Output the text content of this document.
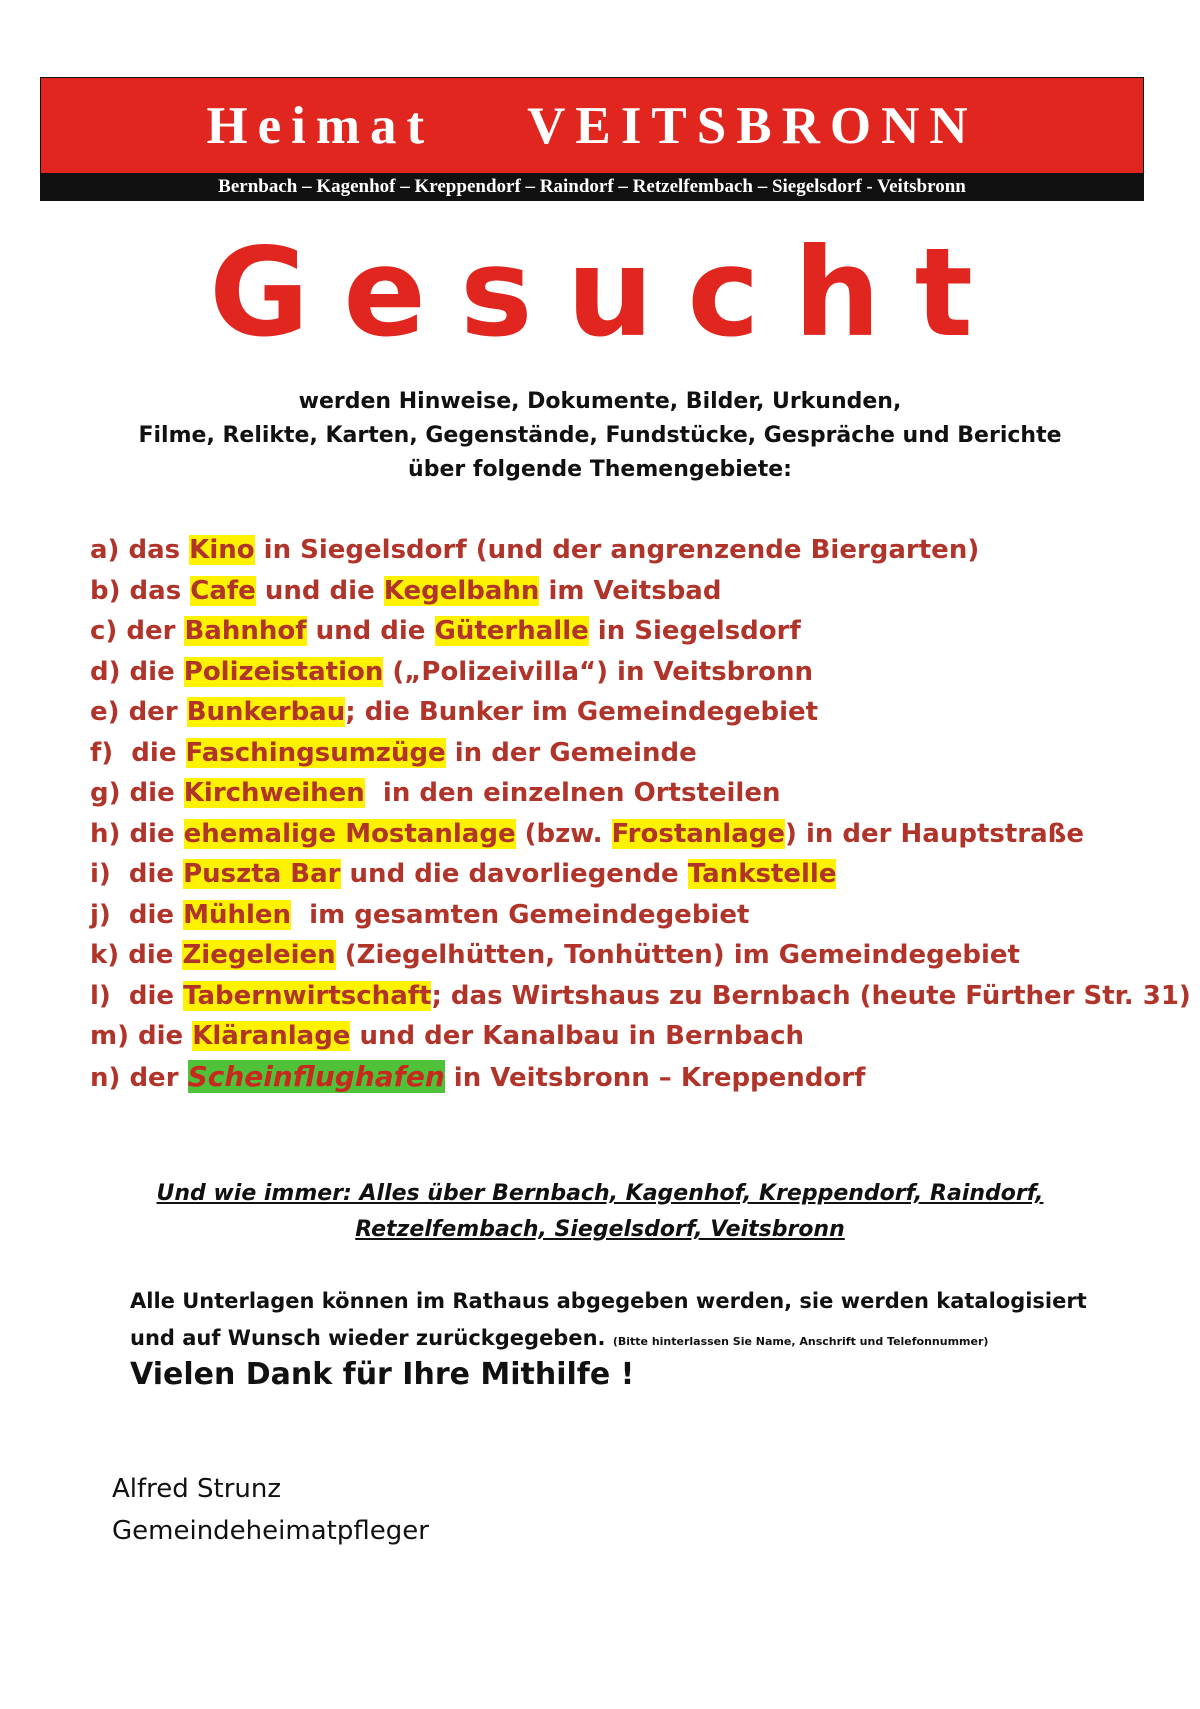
Heimat
VEITSBRONN
Bernbach – Kagenhof – Kreppendorf – Raindorf – Retzelfembach – Siegelsdorf - Veitsbronn
Gesucht
werden Hinweise, Dokumente, Bilder, Urkunden,
Filme, Relikte, Karten, Gegenstände, Fundstücke, Gespräche und Berichte
über folgende Themengebiete:
a) das Kino in Siegelsdorf (und der angrenzende Biergarten)
b) das Cafe und die Kegelbahn im Veitsbad
c) der Bahnhof und die Güterhalle in Siegelsdorf
d) die Polizeistation („Polizeivilla“) in Veitsbronn
e) der Bunkerbau; die Bunker im Gemeindegebiet
f)  die Faschingsumzüge in der Gemeinde
g) die Kirchweihen  in den einzelnen Ortsteilen
h) die ehemalige Mostanlage (bzw. Frostanlage) in der Hauptstraße
i)  die Puszta Bar und die davorliegende Tankstelle
j)  die Mühlen  im gesamten Gemeindegebiet
k) die Ziegeleien (Ziegelhütten, Tonhütten) im Gemeindegebiet
l)  die Tabernwirtschaft; das Wirtshaus zu Bernbach (heute Fürther Str. 31)
m) die Kläranlage und der Kanalbau in Bernbach
n) der Scheinflughafen in Veitsbronn – Kreppendorf
Und wie immer: Alles über Bernbach, Kagenhof, Kreppendorf, Raindorf,
Retzelfembach, Siegelsdorf, Veitsbronn
Alle Unterlagen können im Rathaus abgegeben werden, sie werden katalogisiert
und auf Wunsch wieder zurückgegeben. (Bitte hinterlassen Sie Name, Anschrift und Telefonnummer)
Vielen Dank für Ihre Mithilfe !
Alfred Strunz
Gemeindeheimatpfleger
